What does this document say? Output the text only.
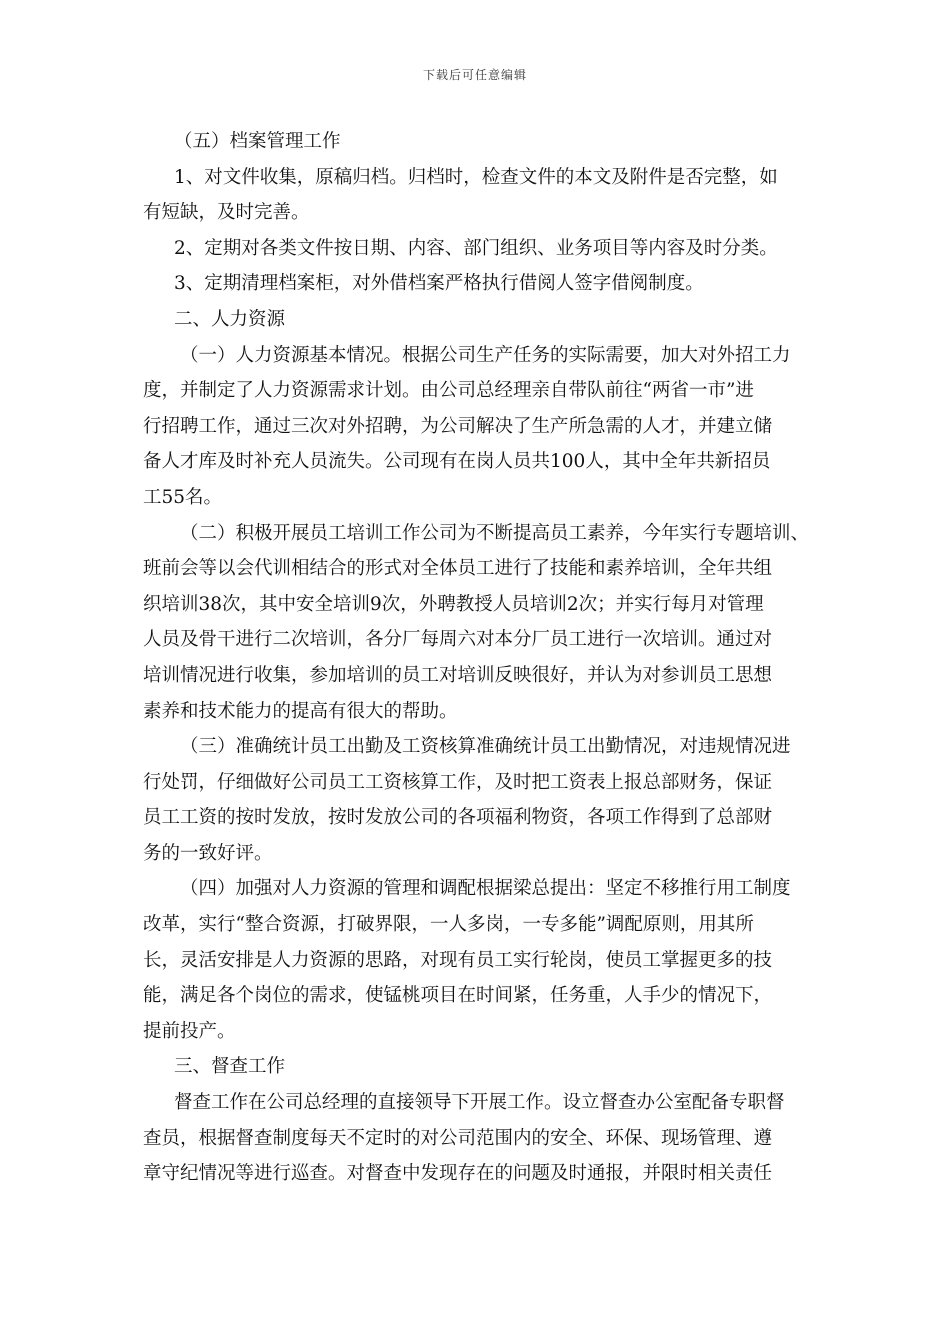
下载后可任意编辑
（五）档案管理工作
1、对文件收集，原稿归档。归档时，检查文件的本文及附件是否完整，如
有短缺，及时完善。
2、定期对各类文件按日期、内容、部门组织、业务项目等内容及时分类。
3、定期清理档案柜，对外借档案严格执行借阅人签字借阅制度。
二、人力资源
（一）人力资源基本情况。根据公司生产任务的实际需要，加大对外招工力
度，并制定了人力资源需求计划。由公司总经理亲自带队前往“两省一市”进
行招聘工作，通过三次对外招聘，为公司解决了生产所急需的人才，并建立储
备人才库及时补充人员流失。公司现有在岗人员共100人，其中全年共新招员
工55名。
（二）积极开展员工培训工作公司为不断提高员工素养，今年实行专题培训、
班前会等以会代训相结合的形式对全体员工进行了技能和素养培训，全年共组
织培训38次，其中安全培训9次，外聘教授人员培训2次；并实行每月对管理
人员及骨干进行二次培训，各分厂每周六对本分厂员工进行一次培训。通过对
培训情况进行收集，参加培训的员工对培训反映很好，并认为对参训员工思想
素养和技术能力的提高有很大的帮助。
（三）准确统计员工出勤及工资核算准确统计员工出勤情况，对违规情况进
行处罚，仔细做好公司员工工资核算工作，及时把工资表上报总部财务，保证
员工工资的按时发放，按时发放公司的各项福利物资，各项工作得到了总部财
务的一致好评。
（四）加强对人力资源的管理和调配根据梁总提出：坚定不移推行用工制度
改革，实行“整合资源，打破界限，一人多岗，一专多能”调配原则，用其所
长，灵活安排是人力资源的思路，对现有员工实行轮岗，使员工掌握更多的技
能，满足各个岗位的需求，使锰桃项目在时间紧，任务重，人手少的情况下，
提前投产。
三、督查工作
督查工作在公司总经理的直接领导下开展工作。设立督查办公室配备专职督
查员，根据督查制度每天不定时的对公司范围内的安全、环保、现场管理、遵
章守纪情况等进行巡查。对督查中发现存在的问题及时通报，并限时相关责任
